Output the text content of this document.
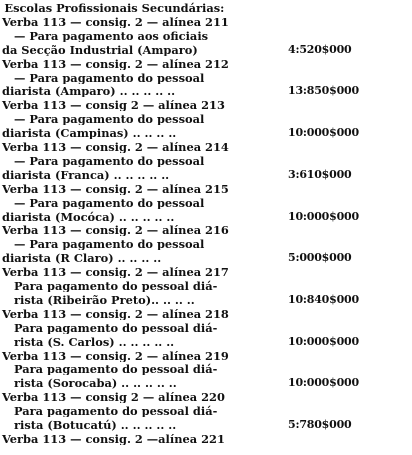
Escolas Profissionais Secundárias:
Verba 113 — consig. 2 — alínea 211
— Para pagamento aos oficiais
da Secção Industrial (Amparo)	4:520$000
Verba 113 — consig. 2 — alínea 212
— Para pagamento do pessoal
diarista (Amparo) .. .. .. .. ..	13:850$000
Verba 113 — consig 2 — alínea 213
— Para pagamento do pessoal
diarista (Campinas) .. .. .. ..	10:000$000
Verba 113 — consig. 2 — alínea 214
— Para pagamento do pessoal
diarista (Franca) .. .. .. .. ..	3:610$000
Verba 113 — consig. 2 — alínea 215
— Para pagamento do pessoal
diarista (Mocóca) .. .. .. .. ..	10:000$000
Verba 113 — consig. 2 — alínea 216
— Para pagamento do pessoal
diarista (R Claro) .. .. .. ..	5:000$000
Verba 113 — consig. 2 — alínea 217
Para pagamento do pessoal diá-
rista (Ribeirão Preto).. .. .. ..	10:840$000
Verba 113 — consig. 2 — alínea 218
Para pagamento do pessoal diá-
rista (S. Carlos) .. .. .. .. ..	10:000$000
Verba 113 — consig. 2 — alínea 219
Para pagamento do pessoal diá-
rista (Sorocaba) .. .. .. .. ..	10:000$000
Verba 113 — consig 2 — alínea 220
Para pagamento do pessoal diá-
rista (Botucatú) .. .. .. .. ..	5:780$000
Verba 113 — consig. 2 —alínea 221
